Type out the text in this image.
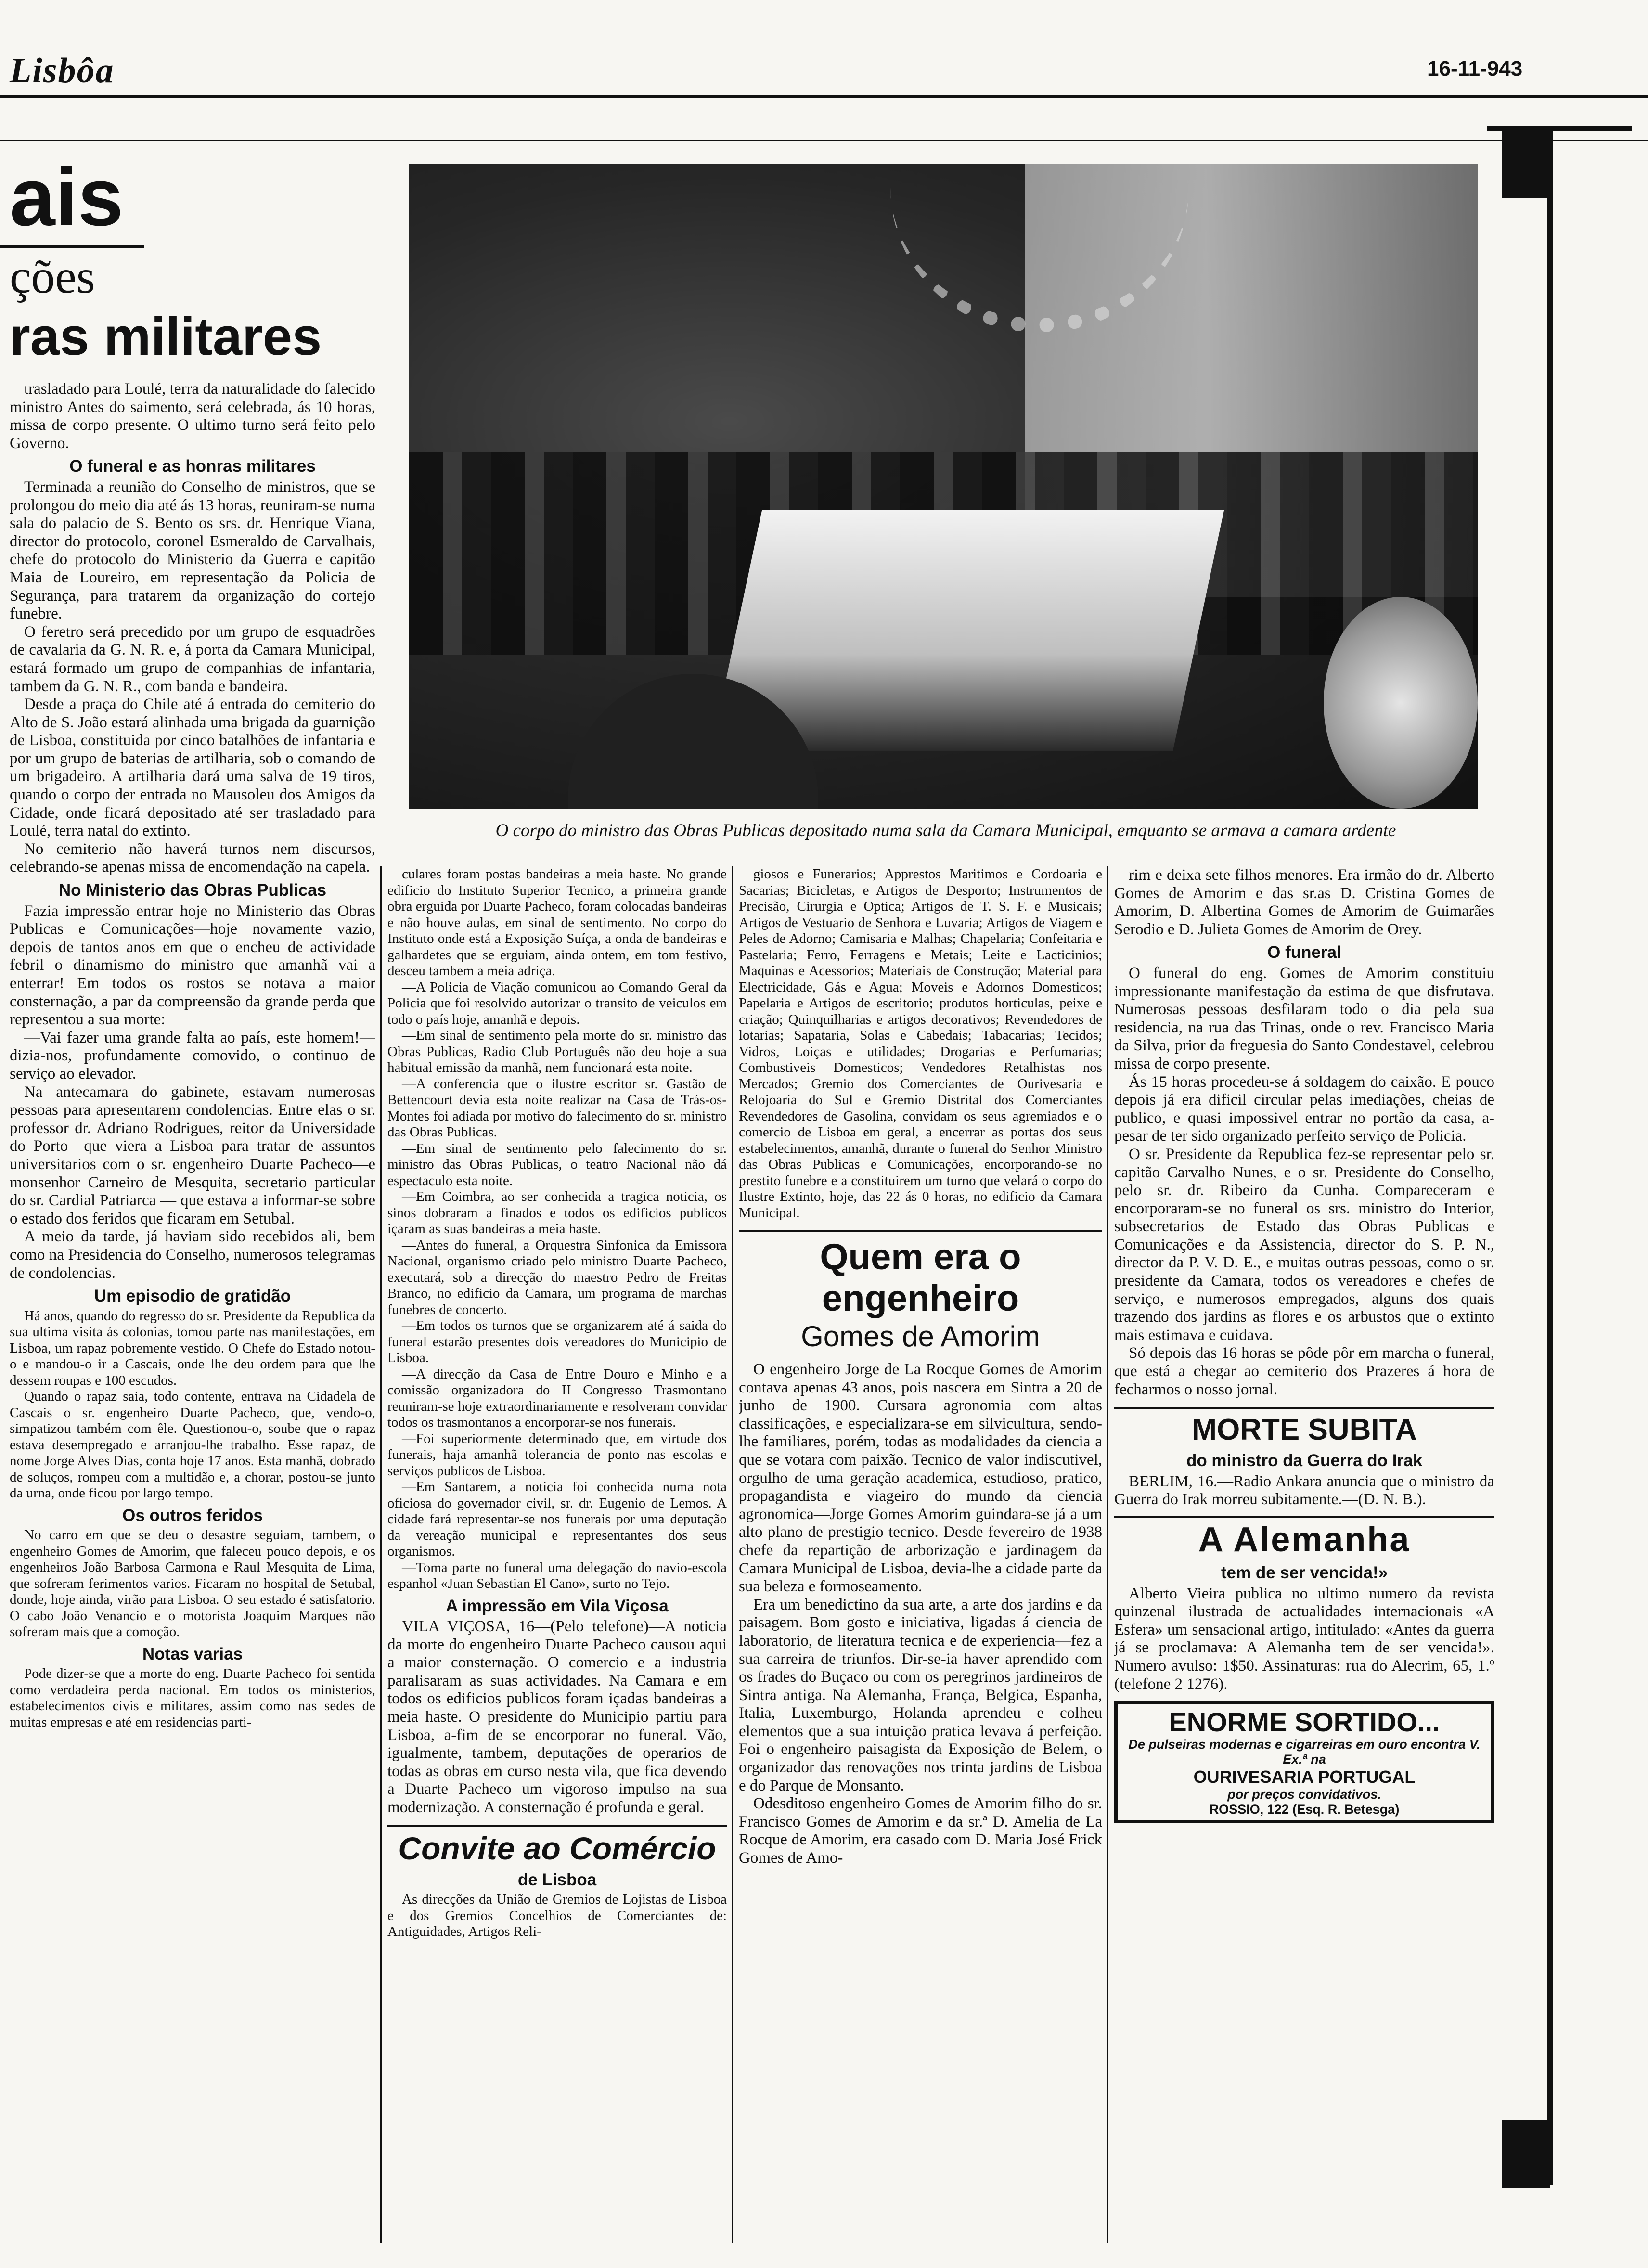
Lisbôa	16-11-943
ais
ções
ras militares
O corpo do ministro das Obras Publicas depositado numa sala da Camara Municipal, emquanto se armava a camara ardente

trasladado para Loulé, terra da naturalidade do falecido ministro Antes do saimento, será celebrada, ás 10 horas, missa de corpo presente. O ultimo turno será feito pelo Governo.

O funeral e as honras militares

Terminada a reunião do Conselho de ministros, que se prolongou do meio dia até ás 13 horas, reuniram-se numa sala do palacio de S. Bento os srs. dr. Henrique Viana, director do protocolo, coronel Esmeraldo de Carvalhais, chefe do protocolo do Ministerio da Guerra e capitão Maia de Loureiro, em representação da Policia de Segurança, para tratarem da organização do cortejo funebre.

O feretro será precedido por um grupo de esquadrões de cavalaria da G. N. R. e, á porta da Camara Municipal, estará formado um grupo de companhias de infantaria, tambem da G. N. R., com banda e bandeira.

Desde a praça do Chile até á entrada do cemiterio do Alto de S. João estará alinhada uma brigada da guarnição de Lisboa, constituida por cinco batalhões de infantaria e por um grupo de baterias de artilharia, sob o comando de um brigadeiro. A artilharia dará uma salva de 19 tiros, quando o corpo der entrada no Mausoleu dos Amigos da Cidade, onde ficará depositado até ser trasladado para Loulé, terra natal do extinto.

No cemiterio não haverá turnos nem discursos, celebrando-se apenas missa de encomendação na capela.

No Ministerio das Obras Publicas

Fazia impressão entrar hoje no Ministerio das Obras Publicas e Comunicações—hoje novamente vazio, depois de tantos anos em que o encheu de actividade febril o dinamismo do ministro que amanhã vai a enterrar! Em todos os rostos se notava a maior consternação, a par da compreensão da grande perda que representou a sua morte:

—Vai fazer uma grande falta ao país, este homem!—dizia-nos, profundamente comovido, o continuo de serviço ao elevador.

Na antecamara do gabinete, estavam numerosas pessoas para apresentarem condolencias. Entre elas o sr. professor dr. Adriano Rodrigues, reitor da Universidade do Porto—que viera a Lisboa para tratar de assuntos universitarios com o sr. engenheiro Duarte Pacheco—e monsenhor Carneiro de Mesquita, secretario particular do sr. Cardial Patriarca — que estava a informar-se sobre o estado dos feridos que ficaram em Setubal.

A meio da tarde, já haviam sido recebidos ali, bem como na Presidencia do Conselho, numerosos telegramas de condolencias.

Um episodio de gratidão

Há anos, quando do regresso do sr. Presidente da Republica da sua ultima visita ás colonias, tomou parte nas manifestações, em Lisboa, um rapaz pobremente vestido. O Chefe do Estado notou-o e mandou-o ir a Cascais, onde lhe deu ordem para que lhe dessem roupas e 100 escudos.

Quando o rapaz saia, todo contente, entrava na Cidadela de Cascais o sr. engenheiro Duarte Pacheco, que, vendo-o, simpatizou também com êle. Questionou-o, soube que o rapaz estava desempregado e arranjou-lhe trabalho. Esse rapaz, de nome Jorge Alves Dias, conta hoje 17 anos. Esta manhã, dobrado de soluços, rompeu com a multidão e, a chorar, postou-se junto da urna, onde ficou por largo tempo.

Os outros feridos

No carro em que se deu o desastre seguiam, tambem, o engenheiro Gomes de Amorim, que faleceu pouco depois, e os engenheiros João Barbosa Carmona e Raul Mesquita de Lima, que sofreram ferimentos varios. Ficaram no hospital de Setubal, donde, hoje ainda, virão para Lisboa. O seu estado é satisfatorio. O cabo João Venancio e o motorista Joaquim Marques não sofreram mais que a comoção.

Notas varias

Pode dizer-se que a morte do eng. Duarte Pacheco foi sentida como verdadeira perda nacional. Em todos os ministerios, estabelecimentos civis e militares, assim como nas sedes de muitas empresas e até em residencias parti-

culares foram postas bandeiras a meia haste. No grande edificio do Instituto Superior Tecnico, a primeira grande obra erguida por Duarte Pacheco, foram colocadas bandeiras e não houve aulas, em sinal de sentimento. No corpo do Instituto onde está a Exposição Suíça, a onda de bandeiras e galhardetes que se erguiam, ainda ontem, em tom festivo, desceu tambem a meia adriça.

—A Policia de Viação comunicou ao Comando Geral da Policia que foi resolvido autorizar o transito de veiculos em todo o país hoje, amanhã e depois.

—Em sinal de sentimento pela morte do sr. ministro das Obras Publicas, Radio Club Português não deu hoje a sua habitual emissão da manhã, nem funcionará esta noite.

—A conferencia que o ilustre escritor sr. Gastão de Bettencourt devia esta noite realizar na Casa de Trás-os-Montes foi adiada por motivo do falecimento do sr. ministro das Obras Publicas.

—Em sinal de sentimento pelo falecimento do sr. ministro das Obras Publicas, o teatro Nacional não dá espectaculo esta noite.

—Em Coimbra, ao ser conhecida a tragica noticia, os sinos dobraram a finados e todos os edificios publicos içaram as suas bandeiras a meia haste.

—Antes do funeral, a Orquestra Sinfonica da Emissora Nacional, organismo criado pelo ministro Duarte Pacheco, executará, sob a direcção do maestro Pedro de Freitas Branco, no edificio da Camara, um programa de marchas funebres de concerto.

—Em todos os turnos que se organizarem até á saida do funeral estarão presentes dois vereadores do Municipio de Lisboa.

—A direcção da Casa de Entre Douro e Minho e a comissão organizadora do II Congresso Trasmontano reuniram-se hoje extraordinariamente e resolveram convidar todos os trasmontanos a encorporar-se nos funerais.

—Foi superiormente determinado que, em virtude dos funerais, haja amanhã tolerancia de ponto nas escolas e serviços publicos de Lisboa.

—Em Santarem, a noticia foi conhecida numa nota oficiosa do governador civil, sr. dr. Eugenio de Lemos. A cidade fará representar-se nos funerais por uma deputação da vereação municipal e representantes dos seus organismos.

—Toma parte no funeral uma delegação do navio-escola espanhol «Juan Sebastian El Cano», surto no Tejo.

A impressão em Vila Viçosa

VILA VIÇOSA, 16—(Pelo telefone)—A noticia da morte do engenheiro Duarte Pacheco causou aqui a maior consternação. O comercio e a industria paralisaram as suas actividades. Na Camara e em todos os edificios publicos foram içadas bandeiras a meia haste. O presidente do Municipio partiu para Lisboa, a-fim de se encorporar no funeral. Vão, igualmente, tambem, deputações de operarios de todas as obras em curso nesta vila, que fica devendo a Duarte Pacheco um vigoroso impulso na sua modernização. A consternação é profunda e geral.

Convite ao Comércio
de Lisboa

As direcções da União de Gremios de Lojistas de Lisboa e dos Gremios Concelhios de Comerciantes de: Antiguidades, Artigos Reli-

giosos e Funerarios; Apprestos Maritimos e Cordoaria e Sacarias; Bicicletas, e Artigos de Desporto; Instrumentos de Precisão, Cirurgia e Optica; Artigos de T. S. F. e Musicais; Artigos de Vestuario de Senhora e Luvaria; Artigos de Viagem e Peles de Adorno; Camisaria e Malhas; Chapelaria; Confeitaria e Pastelaria; Ferro, Ferragens e Metais; Leite e Lacticinios; Maquinas e Acessorios; Materiais de Construção; Material para Electricidade, Gás e Agua; Moveis e Adornos Domesticos; Papelaria e Artigos de escritorio; produtos horticulas, peixe e criação; Quinquilharias e artigos decorativos; Revendedores de lotarias; Sapataria, Solas e Cabedais; Tabacarias; Tecidos; Vidros, Loiças e utilidades; Drogarias e Perfumarias; Combustiveis Domesticos; Vendedores Retalhistas nos Mercados; Gremio dos Comerciantes de Ourivesaria e Relojoaria do Sul e Gremio Distrital dos Comerciantes Revendedores de Gasolina, convidam os seus agremiados e o comercio de Lisboa em geral, a encerrar as portas dos seus estabelecimentos, amanhã, durante o funeral do Senhor Ministro das Obras Publicas e Comunicações, encorporando-se no prestito funebre e a constituirem um turno que velará o corpo do Ilustre Extinto, hoje, das 22 ás 0 horas, no edificio da Camara Municipal.

Quem era o engenheiro
Gomes de Amorim

O engenheiro Jorge de La Rocque Gomes de Amorim contava apenas 43 anos, pois nascera em Sintra a 20 de junho de 1900. Cursara agronomia com altas classificações, e especializara-se em silvicultura, sendo-lhe familiares, porém, todas as modalidades da ciencia a que se votara com paixão. Tecnico de valor indiscutivel, orgulho de uma geração academica, estudioso, pratico, propagandista e viageiro do mundo da ciencia agronomica—Jorge Gomes Amorim guindara-se já a um alto plano de prestigio tecnico. Desde fevereiro de 1938 chefe da repartição de arborização e jardinagem da Camara Municipal de Lisboa, devia-lhe a cidade parte da sua beleza e formoseamento.

Era um benedictino da sua arte, a arte dos jardins e da paisagem. Bom gosto e iniciativa, ligadas á ciencia de laboratorio, de literatura tecnica e de experiencia—fez a sua carreira de triunfos. Dir-se-ia haver aprendido com os frades do Buçaco ou com os peregrinos jardineiros de Sintra antiga. Na Alemanha, França, Belgica, Espanha, Italia, Luxemburgo, Holanda—aprendeu e colheu elementos que a sua intuição pratica levava á perfeição. Foi o engenheiro paisagista da Exposição de Belem, o organizador das renovações nos trinta jardins de Lisboa e do Parque de Monsanto.

Odesditoso engenheiro Gomes de Amorim filho do sr. Francisco Gomes de Amorim e da sr.ª D. Amelia de La Rocque de Amorim, era casado com D. Maria José Frick Gomes de Amo-

rim e deixa sete filhos menores. Era irmão do dr. Alberto Gomes de Amorim e das sr.as D. Cristina Gomes de Amorim, D. Albertina Gomes de Amorim de Guimarães Serodio e D. Julieta Gomes de Amorim de Orey.

O funeral

O funeral do eng. Gomes de Amorim constituiu impressionante manifestação da estima de que disfrutava. Numerosas pessoas desfilaram todo o dia pela sua residencia, na rua das Trinas, onde o rev. Francisco Maria da Silva, prior da freguesia do Santo Condestavel, celebrou missa de corpo presente.

Ás 15 horas procedeu-se á soldagem do caixão. E pouco depois já era dificil circular pelas imediações, cheias de publico, e quasi impossivel entrar no portão da casa, a-pesar de ter sido organizado perfeito serviço de Policia.

O sr. Presidente da Republica fez-se representar pelo sr. capitão Carvalho Nunes, e o sr. Presidente do Conselho, pelo sr. dr. Ribeiro da Cunha. Compareceram e encorporaram-se no funeral os srs. ministro do Interior, subsecretarios de Estado das Obras Publicas e Comunicações e da Assistencia, director do S. P. N., director da P. V. D. E., e muitas outras pessoas, como o sr. presidente da Camara, todos os vereadores e chefes de serviço, e numerosos empregados, alguns dos quais trazendo dos jardins as flores e os arbustos que o extinto mais estimava e cuidava.

Só depois das 16 horas se pôde pôr em marcha o funeral, que está a chegar ao cemiterio dos Prazeres á hora de fecharmos o nosso jornal.

MORTE SUBITA
do ministro da Guerra do Irak

BERLIM, 16.—Radio Ankara anuncia que o ministro da Guerra do Irak morreu subitamente.—(D. N. B.).

A Alemanha
tem de ser vencida!»

Alberto Vieira publica no ultimo numero da revista quinzenal ilustrada de actualidades internacionais «A Esfera» um sensacional artigo, intitulado: «Antes da guerra já se proclamava: A Alemanha tem de ser vencida!». Numero avulso: 1$50. Assinaturas: rua do Alecrim, 65, 1.º (telefone 2 1276).

ENORME SORTIDO...
De pulseiras modernas e cigarreiras em ouro encontra V. Ex.ª na
OURIVESARIA PORTUGAL
por preços convidativos.
ROSSIO, 122 (Esq. R. Betesga)
